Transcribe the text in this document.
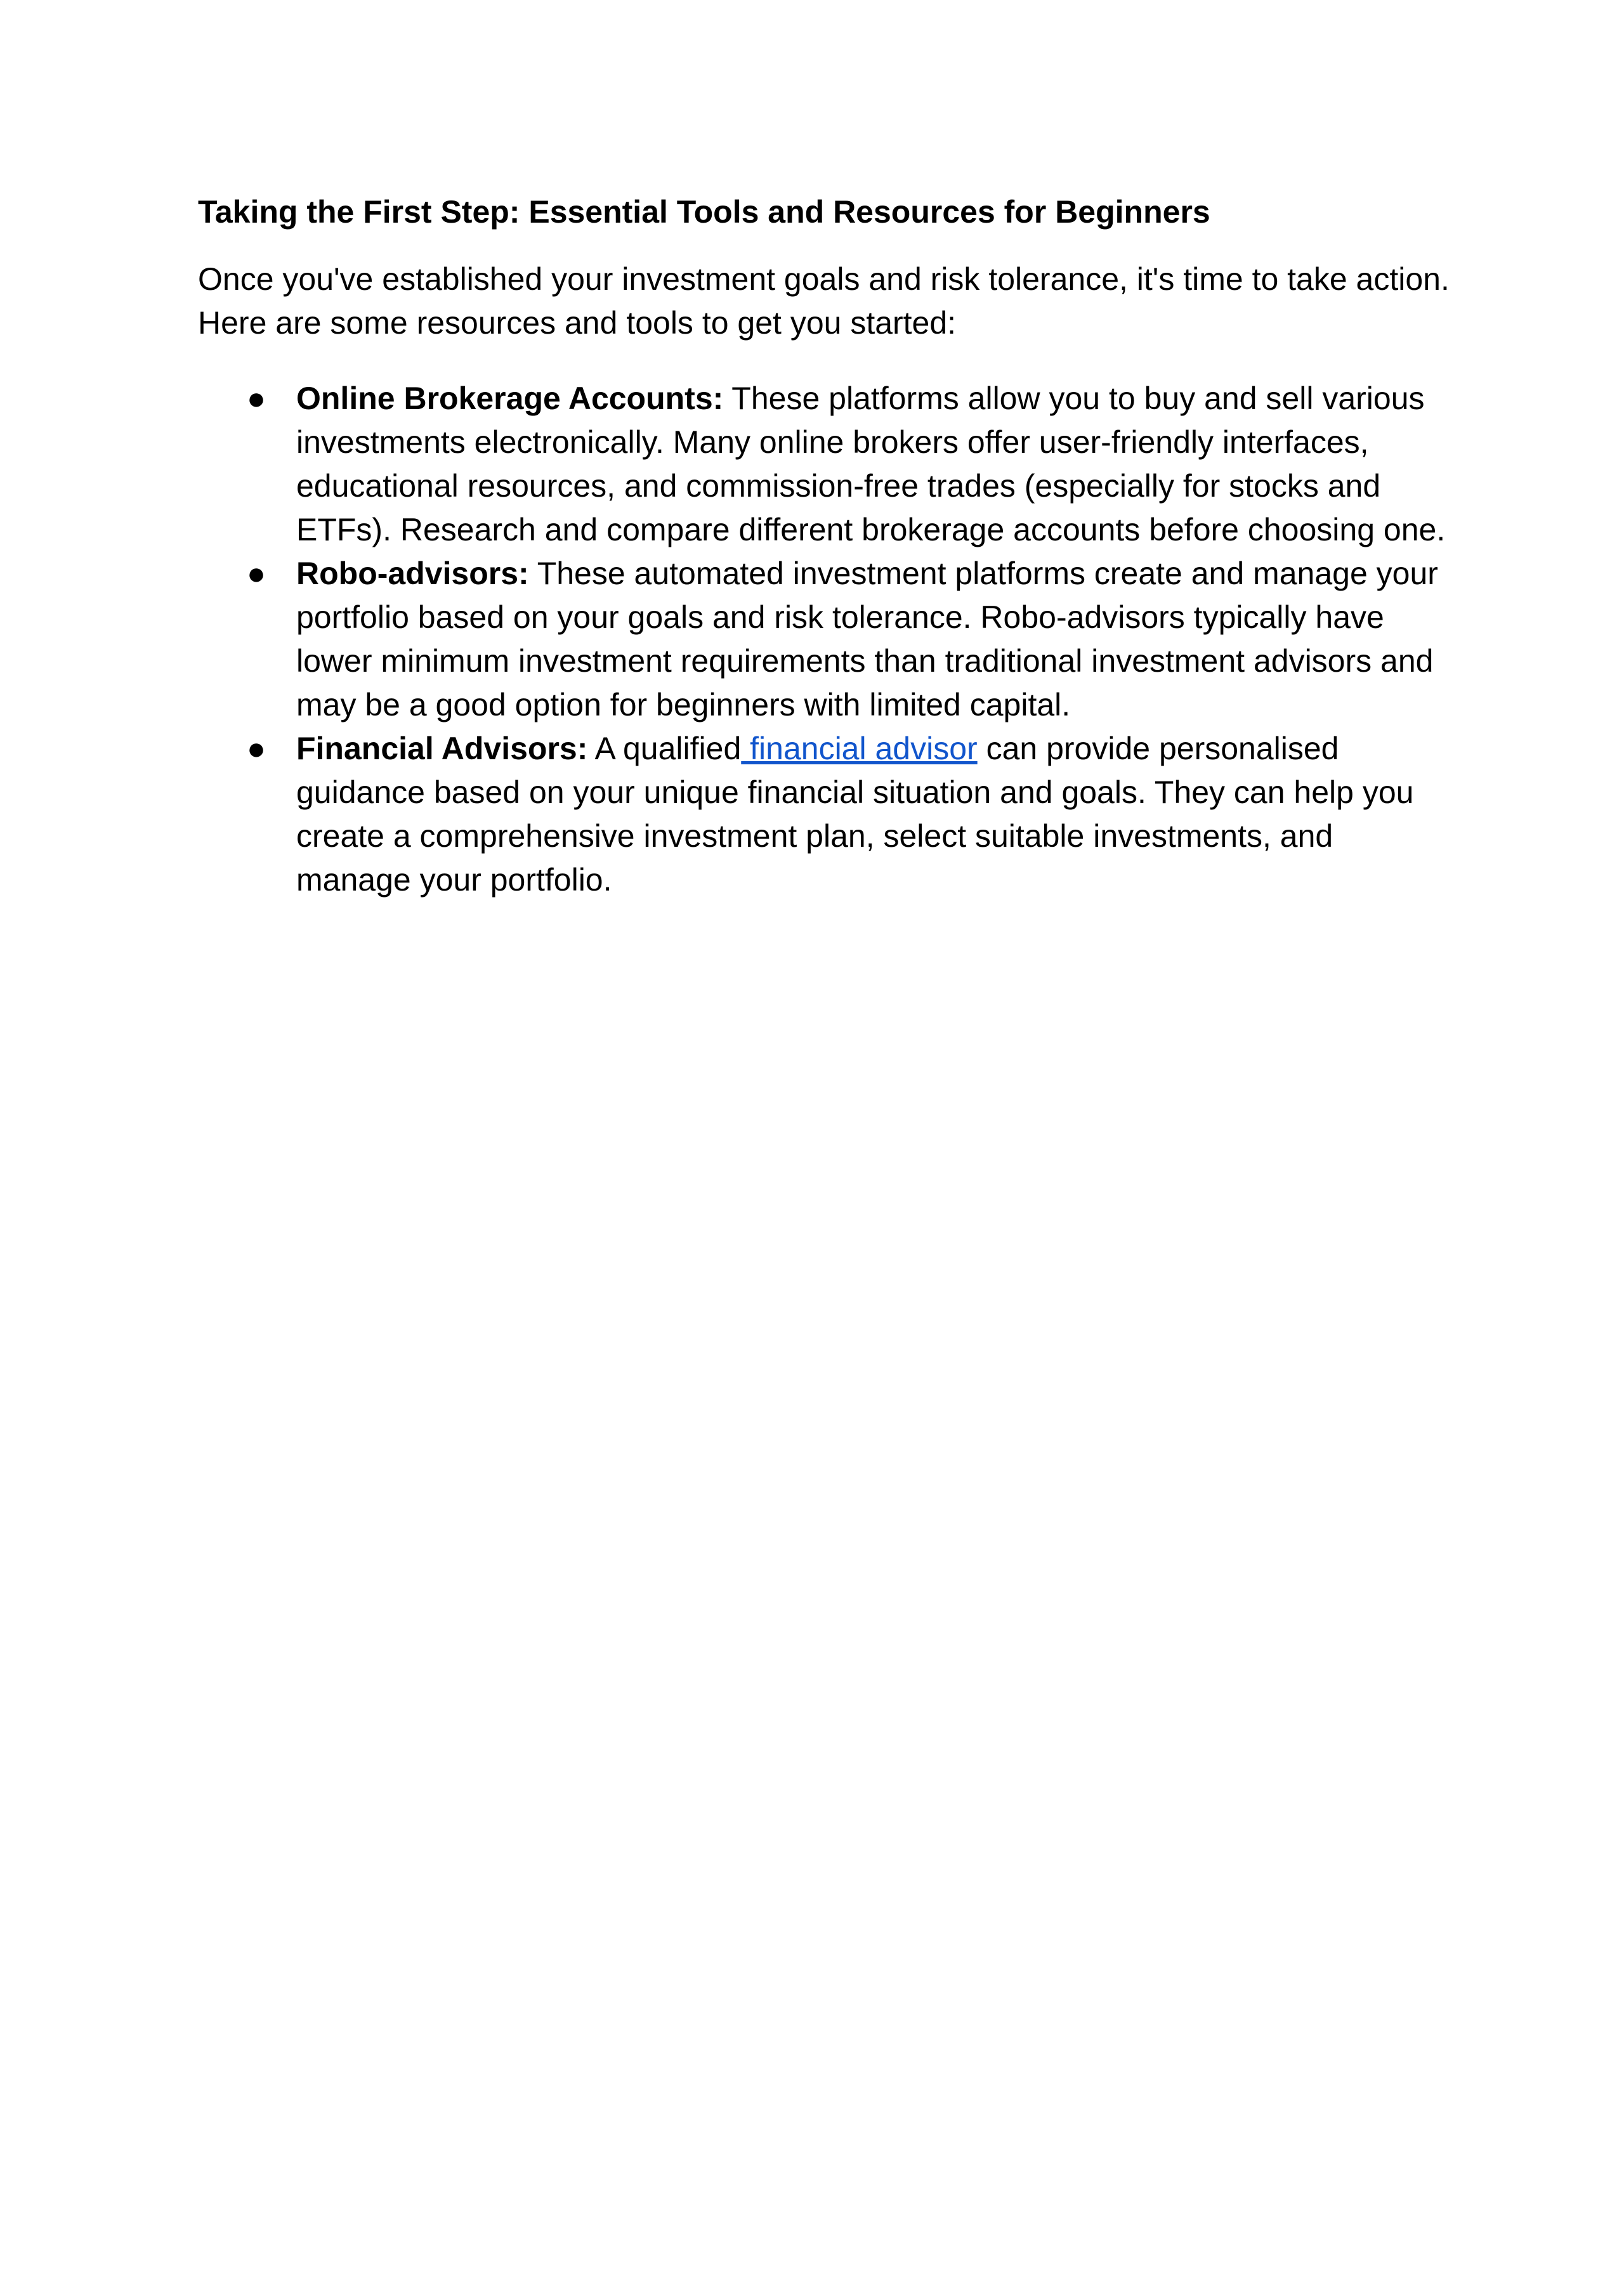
Taking the First Step: Essential Tools and Resources for Beginners
Once you've established your investment goals and risk tolerance, it's time to take action. Here are some resources and tools to get you started:
● Online Brokerage Accounts: These platforms allow you to buy and sell various investments electronically. Many online brokers offer user-friendly interfaces, educational resources, and commission-free trades (especially for stocks and ETFs). Research and compare different brokerage accounts before choosing one.
● Robo-advisors: These automated investment platforms create and manage your portfolio based on your goals and risk tolerance. Robo-advisors typically have lower minimum investment requirements than traditional investment advisors and may be a good option for beginners with limited capital.
● Financial Advisors: A qualified financial advisor can provide personalised guidance based on your unique financial situation and goals. They can help you create a comprehensive investment plan, select suitable investments, and manage your portfolio.
